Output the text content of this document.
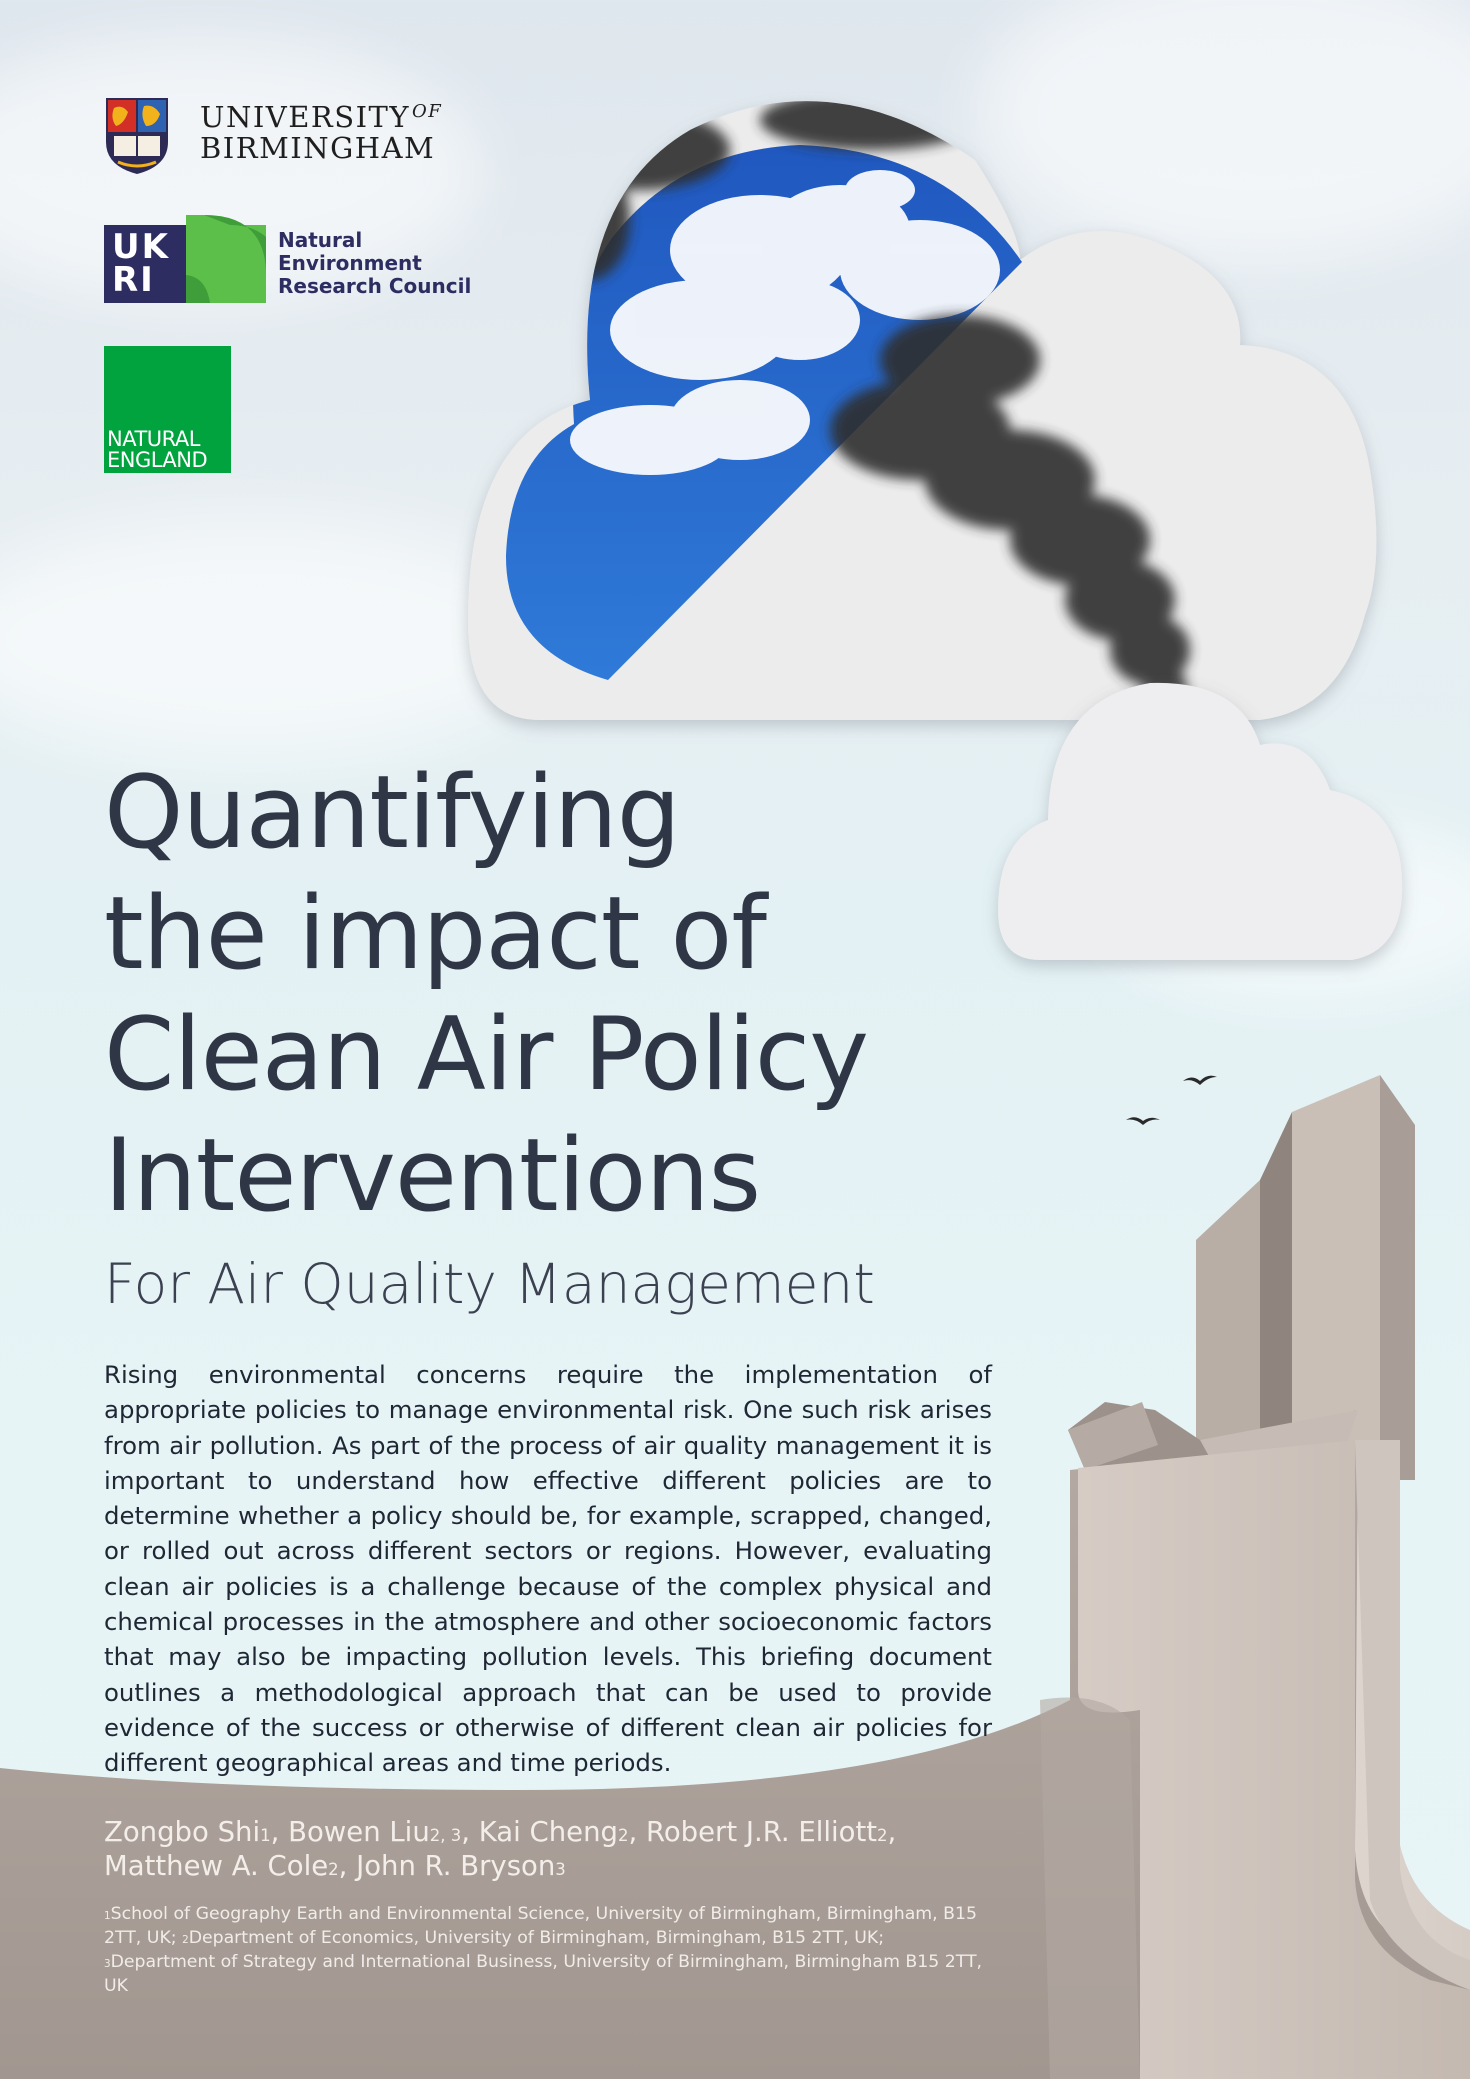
UNIVERSITY $^{OF}$
BIRMINGHAM
UK
RI
Natural
Environment
Research Council
NATURAL
ENGLAND
Quantifying
the impact of
Clean Air Policy
Interventions
For Air Quality Management

Rising environmental concerns require the implementation of appropriate policies to manage environmental risk. One such risk arises from air pollution. As part of the process of air quality management it is important to understand how effective different policies are to determine whether a policy should be, for example, scrapped, changed, or rolled out across different sectors or regions. However, evaluating clean air policies is a challenge because of the complex physical and chemical processes in the atmosphere and other socioeconomic factors that may also be impacting pollution levels. This briefing document outlines a methodological approach that can be used to provide evidence of the success or otherwise of different clean air policies for different geographical areas and time periods.

Zongbo Shi$^1$, Bowen Liu$^{2, 3}$, Kai Cheng$^2$, Robert J.R. Elliott$^2$, Matthew A. Cole$^2$, John R. Bryson$^3$
$^1$School of Geography Earth and Environmental Science, University of Birmingham, Birmingham, B15 2TT, UK; $^2$Department of Economics, University of Birmingham, Birmingham, B15 2TT, UK; $^3$Department of Strategy and International Business, University of Birmingham, Birmingham B15 2TT, UK
